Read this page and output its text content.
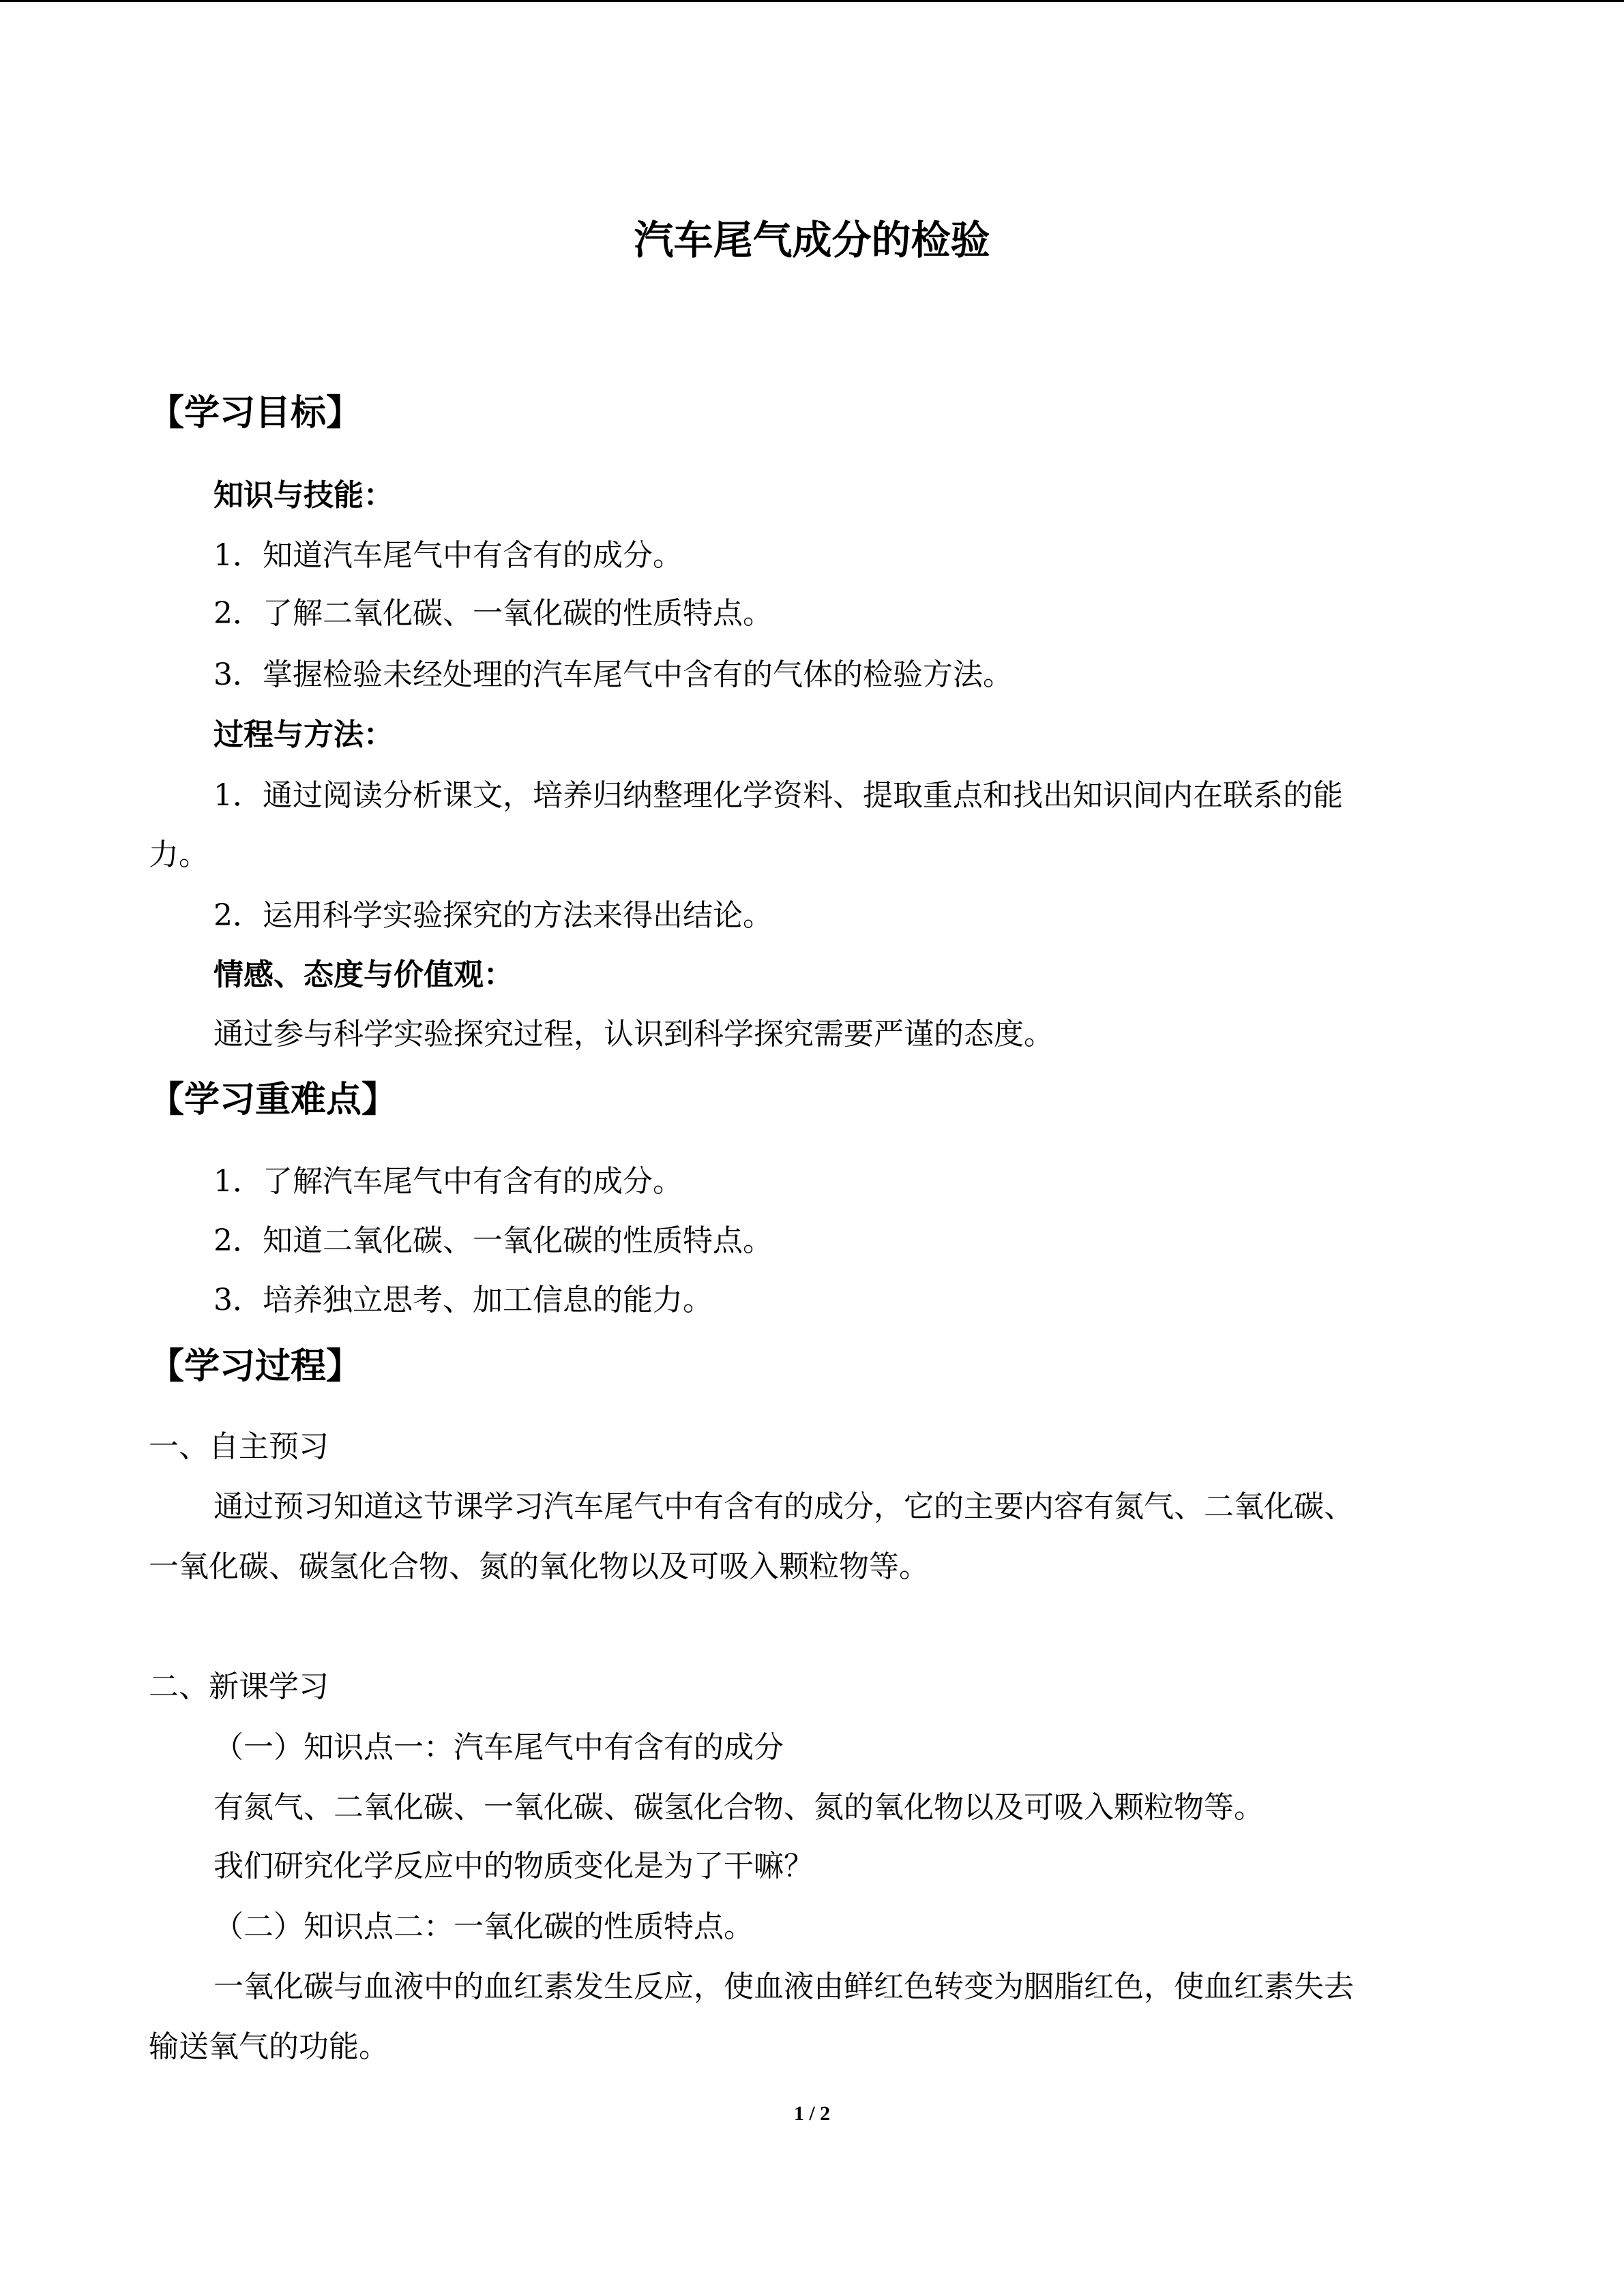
汽车尾气成分的检验
【学习目标】
知识与技能：
1．知道汽车尾气中有含有的成分。
2．了解二氧化碳、一氧化碳的性质特点。
3．掌握检验未经处理的汽车尾气中含有的气体的检验方法。
过程与方法：
1．通过阅读分析课文，培养归纳整理化学资料、提取重点和找出知识间内在联系的能
力。
2．运用科学实验探究的方法来得出结论。
情感、态度与价值观：
通过参与科学实验探究过程，认识到科学探究需要严谨的态度。
【学习重难点】
1．了解汽车尾气中有含有的成分。
2．知道二氧化碳、一氧化碳的性质特点。
3．培养独立思考、加工信息的能力。
【学习过程】
一、自主预习
通过预习知道这节课学习汽车尾气中有含有的成分，它的主要内容有氮气、二氧化碳、
一氧化碳、碳氢化合物、氮的氧化物以及可吸入颗粒物等。
二、新课学习
（一）知识点一：汽车尾气中有含有的成分
有氮气、二氧化碳、一氧化碳、碳氢化合物、氮的氧化物以及可吸入颗粒物等。
我们研究化学反应中的物质变化是为了干嘛？
（二）知识点二：一氧化碳的性质特点。
一氧化碳与血液中的血红素发生反应，使血液由鲜红色转变为胭脂红色，使血红素失去
输送氧气的功能。
1 / 2
